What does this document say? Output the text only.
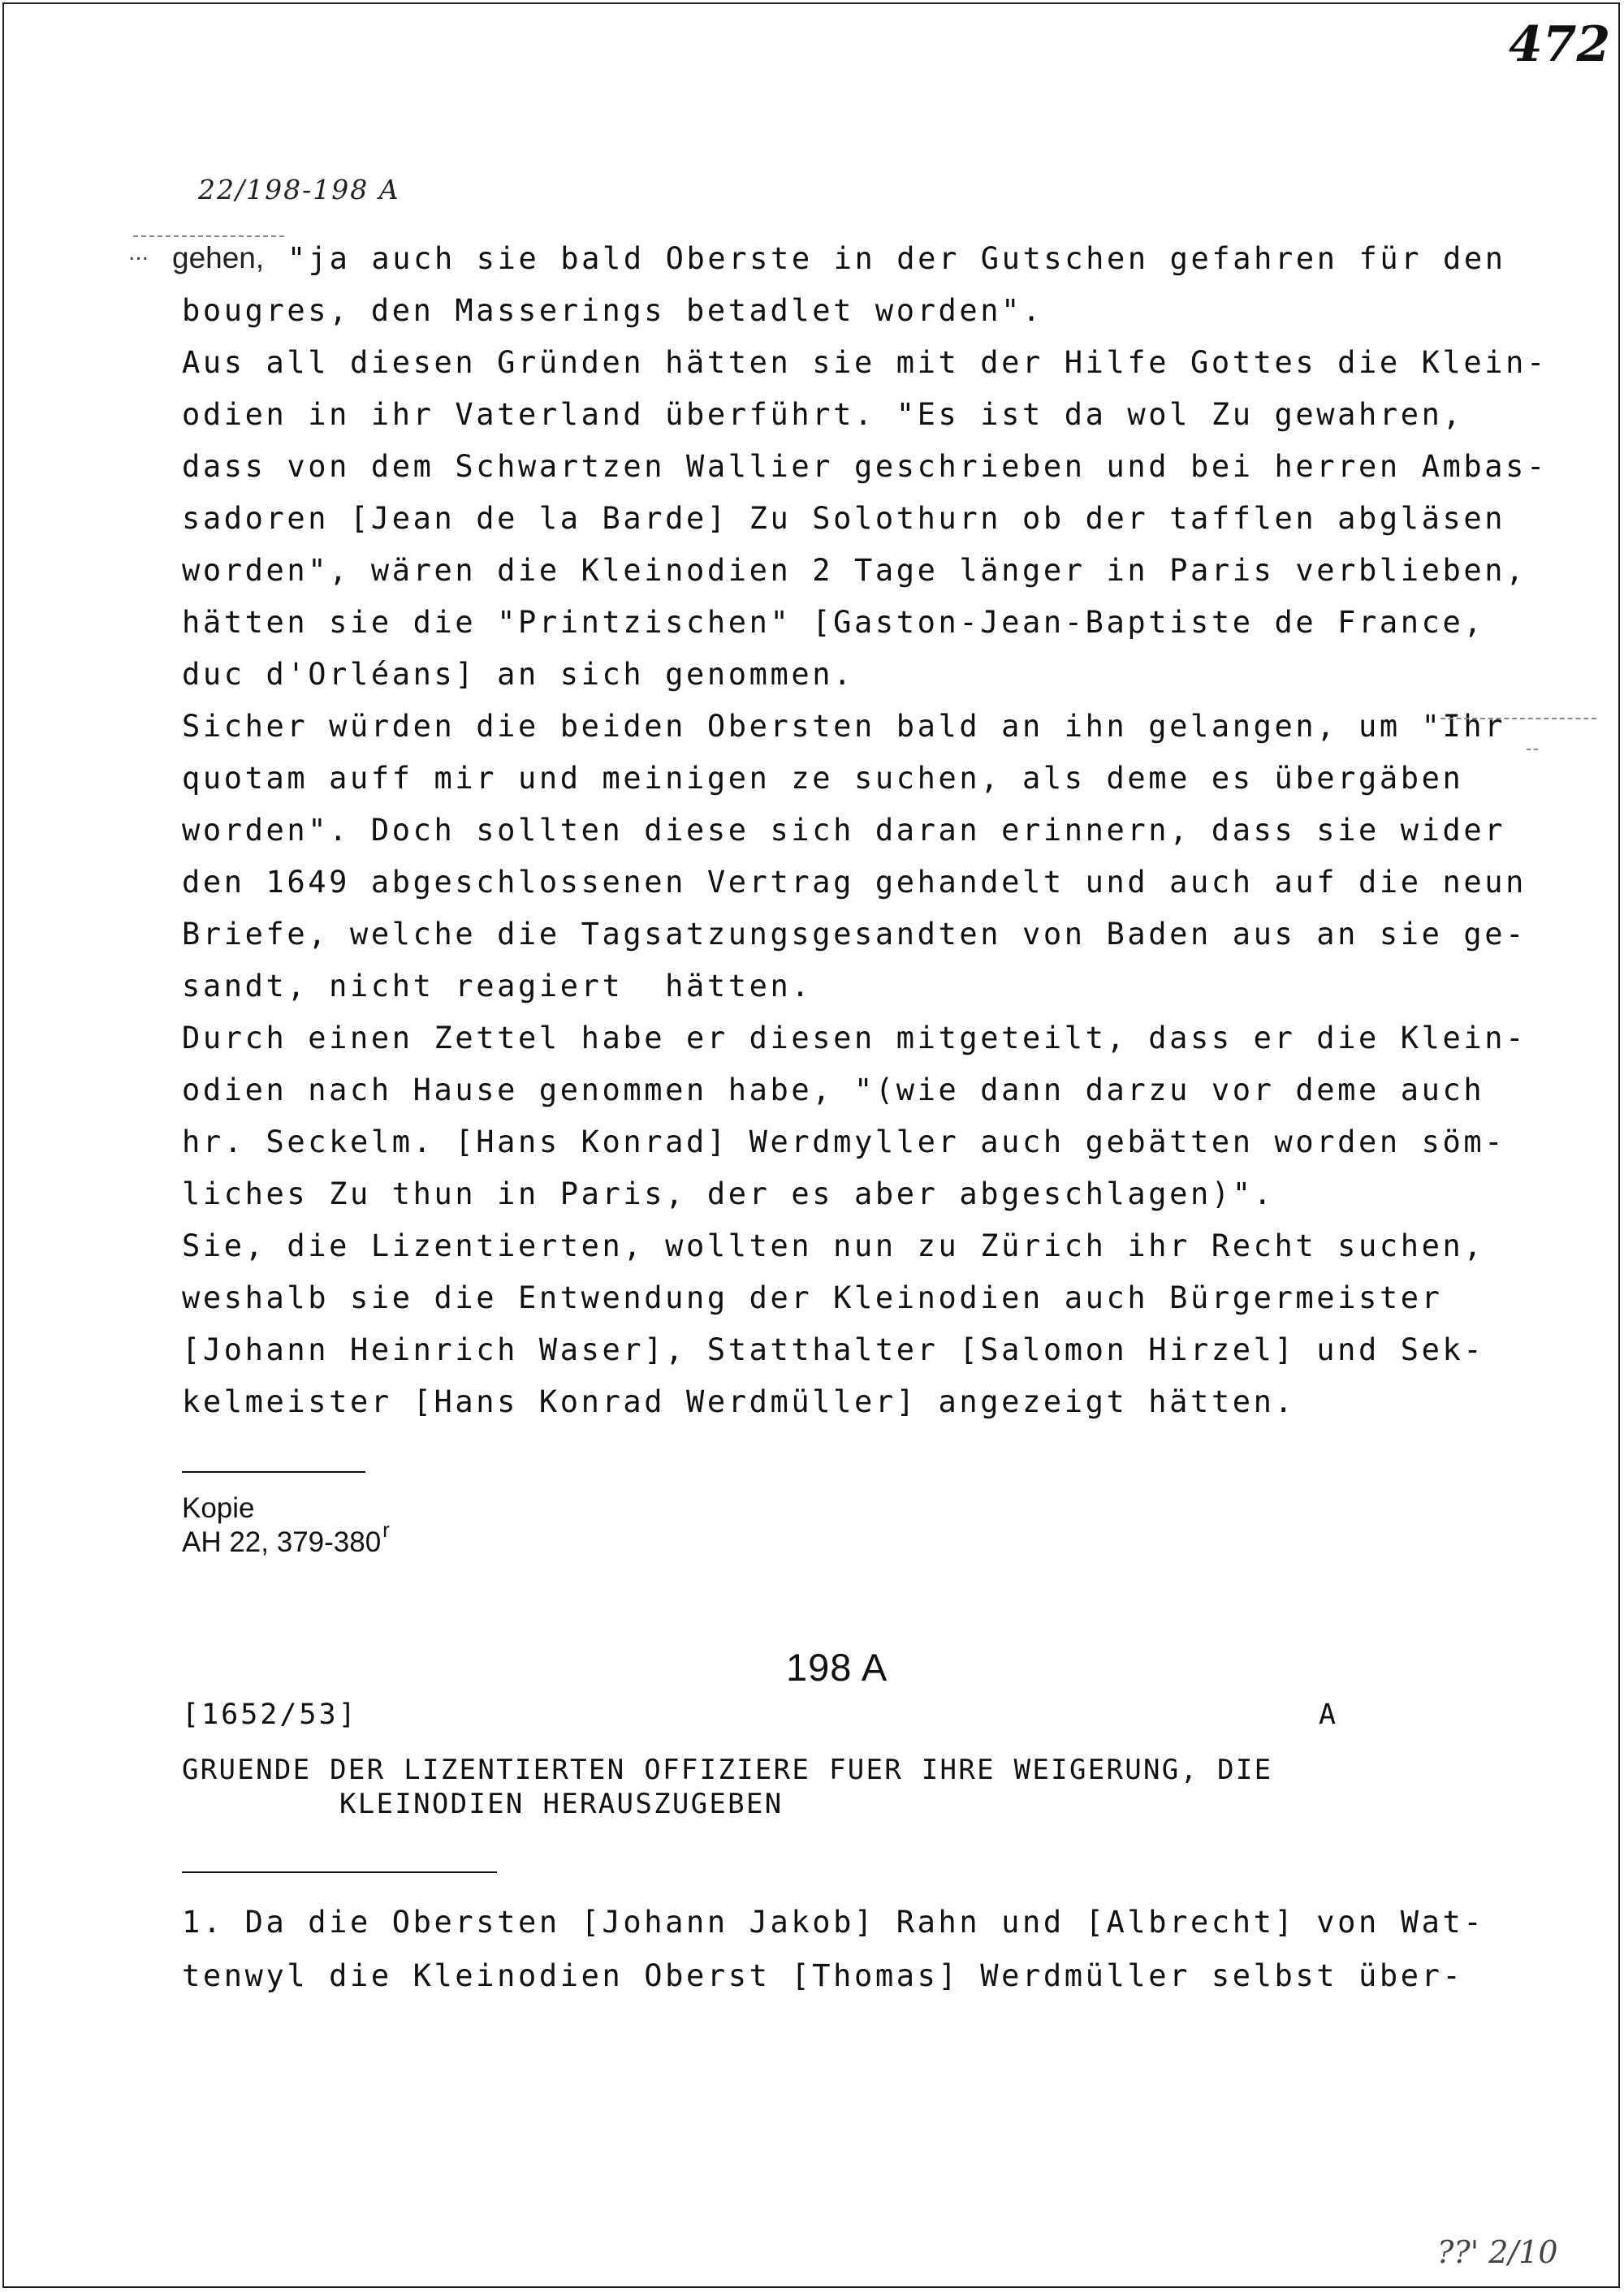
472
22/198-198 A
... gehen, "ja auch sie bald Oberste in der Gutschen gefahren für den
bougres, den Masserings betadlet worden".
Aus all diesen Gründen hätten sie mit der Hilfe Gottes die Klein-
odien in ihr Vaterland überführt. "Es ist da wol Zu gewahren,
dass von dem Schwartzen Wallier geschrieben und bei herren Ambas-
sadoren [Jean de la Barde] Zu Solothurn ob der tafflen abgläsen
worden", wären die Kleinodien 2 Tage länger in Paris verblieben,
hätten sie die "Printzischen" [Gaston-Jean-Baptiste de France,
duc d'Orléans] an sich genommen.
Sicher würden die beiden Obersten bald an ihn gelangen, um "Ihr
quotam auff mir und meinigen ze suchen, als deme es übergäben
worden". Doch sollten diese sich daran erinnern, dass sie wider
den 1649 abgeschlossenen Vertrag gehandelt und auch auf die neun
Briefe, welche die Tagsatzungsgesandten von Baden aus an sie ge-
sandt, nicht reagiert  hätten.
Durch einen Zettel habe er diesen mitgeteilt, dass er die Klein-
odien nach Hause genommen habe, "(wie dann darzu vor deme auch
hr. Seckelm. [Hans Konrad] Werdmyller auch gebätten worden söm-
liches Zu thun in Paris, der es aber abgeschlagen)".
Sie, die Lizentierten, wollten nun zu Zürich ihr Recht suchen,
weshalb sie die Entwendung der Kleinodien auch Bürgermeister
[Johann Heinrich Waser], Statthalter [Salomon Hirzel] und Sek-
kelmeister [Hans Konrad Werdmüller] angezeigt hätten.
Kopie
AH 22, 379-380$^r$
198 A
[1652/53]	A
GRUENDE DER LIZENTIERTEN OFFIZIERE FUER IHRE WEIGERUNG, DIE
KLEINODIEN HERAUSZUGEBEN
1. Da die Obersten [Johann Jakob] Rahn und [Albrecht] von Wat-
tenwyl die Kleinodien Oberst [Thomas] Werdmüller selbst über-
??' 2/10
